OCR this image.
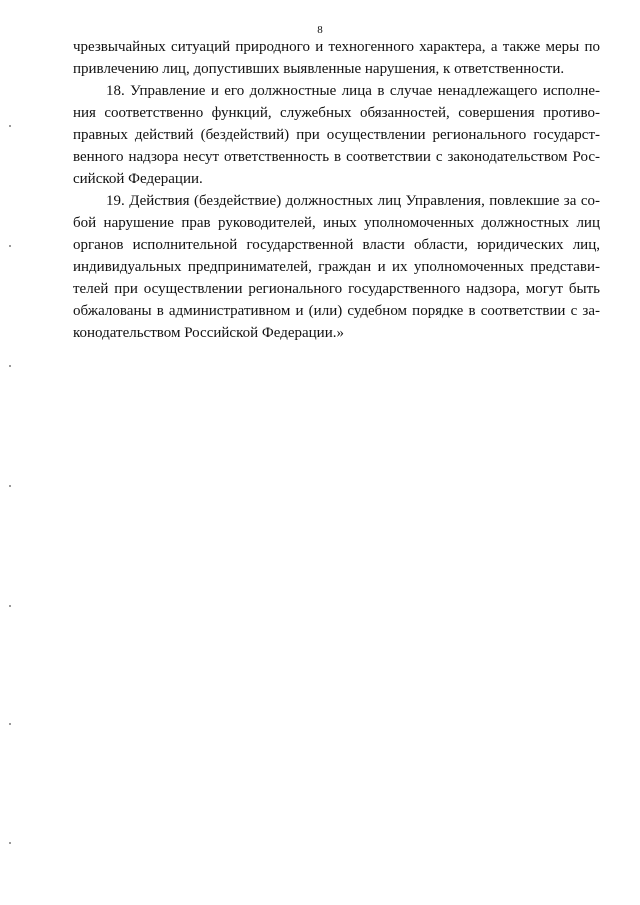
8

чрезвычайных ситуаций природного и техногенного характера, а также меры по

привлечению лиц, допустивших выявленные нарушения, к ответственности.

18. Управление и его должностные лица в случае ненадлежащего исполне-

ния соответственно функций, служебных обязанностей, совершения противо-

правных действий (бездействий) при осуществлении регионального государст-

венного надзора несут ответственность в соответствии с законодательством Рос-

сийской Федерации.

19. Действия (бездействие) должностных лиц Управления, повлекшие за со-

бой нарушение прав руководителей, иных уполномоченных должностных лиц

органов исполнительной государственной власти области, юридических лиц,

индивидуальных предпринимателей, граждан и их уполномоченных представи-

телей при осуществлении регионального государственного надзора, могут быть

обжалованы в административном и (или) судебном порядке в соответствии с за-

конодательством Российской Федерации.»
